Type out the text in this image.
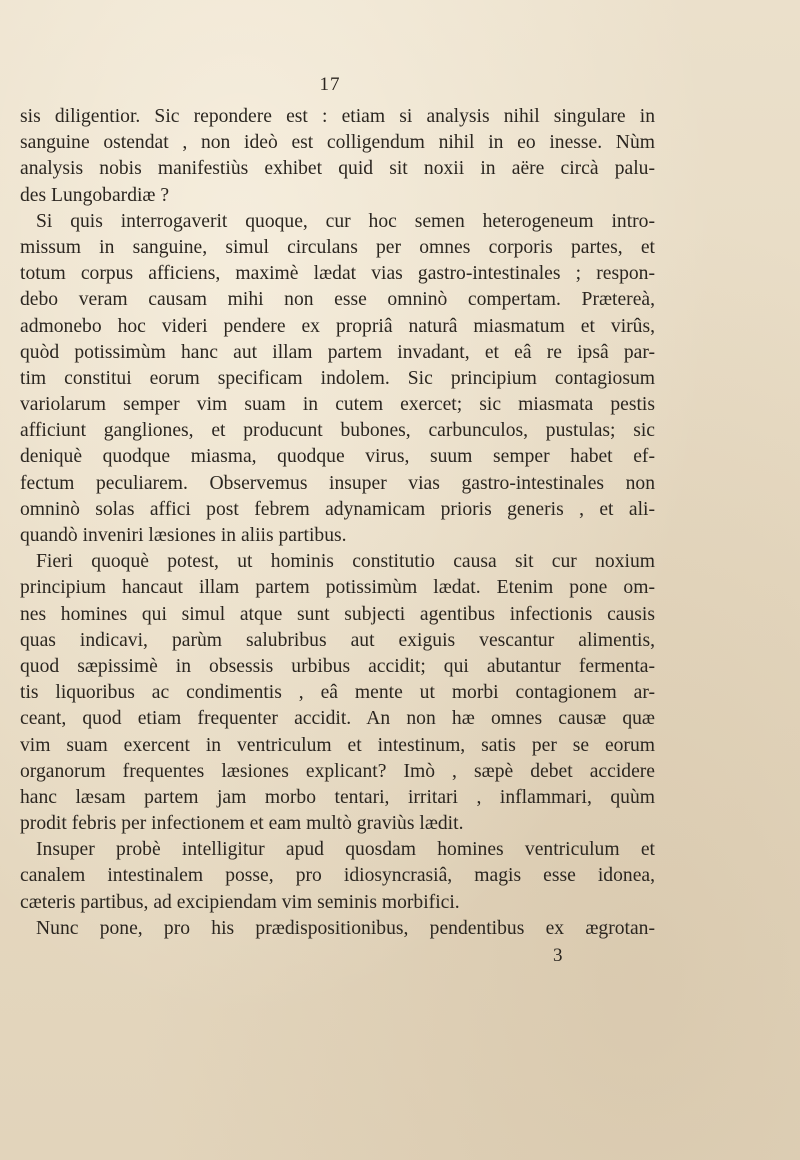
17

sis diligentior. Sic repondere est : etiam si analysis nihil singulare in
sanguine ostendat , non ideò est colligendum nihil in eo inesse. Nùm
analysis nobis manifestiùs exhibet quid sit noxii in aëre circà palu-
des Lungobardiæ ?

Si quis interrogaverit quoque, cur hoc semen heterogeneum intro-
missum in sanguine, simul circulans per omnes corporis partes, et
totum corpus afficiens, maximè lædat vias gastro-intestinales ; respon-
debo veram causam mihi non esse omninò compertam. Prætereà,
admonebo hoc videri pendere ex propriâ naturâ miasmatum et virûs,
quòd potissimùm hanc aut illam partem invadant, et eâ re ipsâ par-
tim constitui eorum specificam indolem. Sic principium contagiosum
variolarum semper vim suam in cutem exercet; sic miasmata pestis
afficiunt gangliones, et producunt bubones, carbunculos, pustulas; sic
deniquè quodque miasma, quodque virus, suum semper habet ef-
fectum peculiarem. Observemus insuper vias gastro-intestinales non
omninò solas affici post febrem adynamicam prioris generis , et ali-
quandò inveniri læsiones in aliis partibus.

Fieri quoquè potest, ut hominis constitutio causa sit cur noxium
principium hancaut illam partem potissimùm lædat. Etenim pone om-
nes homines qui simul atque sunt subjecti agentibus infectionis causis
quas indicavi, parùm salubribus aut exiguis vescantur alimentis,
quod sæpissimè in obsessis urbibus accidit; qui abutantur fermenta-
tis liquoribus ac condimentis , eâ mente ut morbi contagionem ar-
ceant, quod etiam frequenter accidit. An non hæ omnes causæ quæ
vim suam exercent in ventriculum et intestinum, satis per se eorum
organorum frequentes læsiones explicant? Imò , sæpè debet accidere
hanc læsam partem jam morbo tentari, irritari , inflammari, quùm
prodit febris per infectionem et eam multò graviùs lædit.

Insuper probè intelligitur apud quosdam homines ventriculum et
canalem intestinalem posse, pro idiosyncrasiâ, magis esse idonea,
cæteris partibus, ad excipiendam vim seminis morbifici.

Nunc pone, pro his prædispositionibus, pendentibus ex ægrotan-

3
